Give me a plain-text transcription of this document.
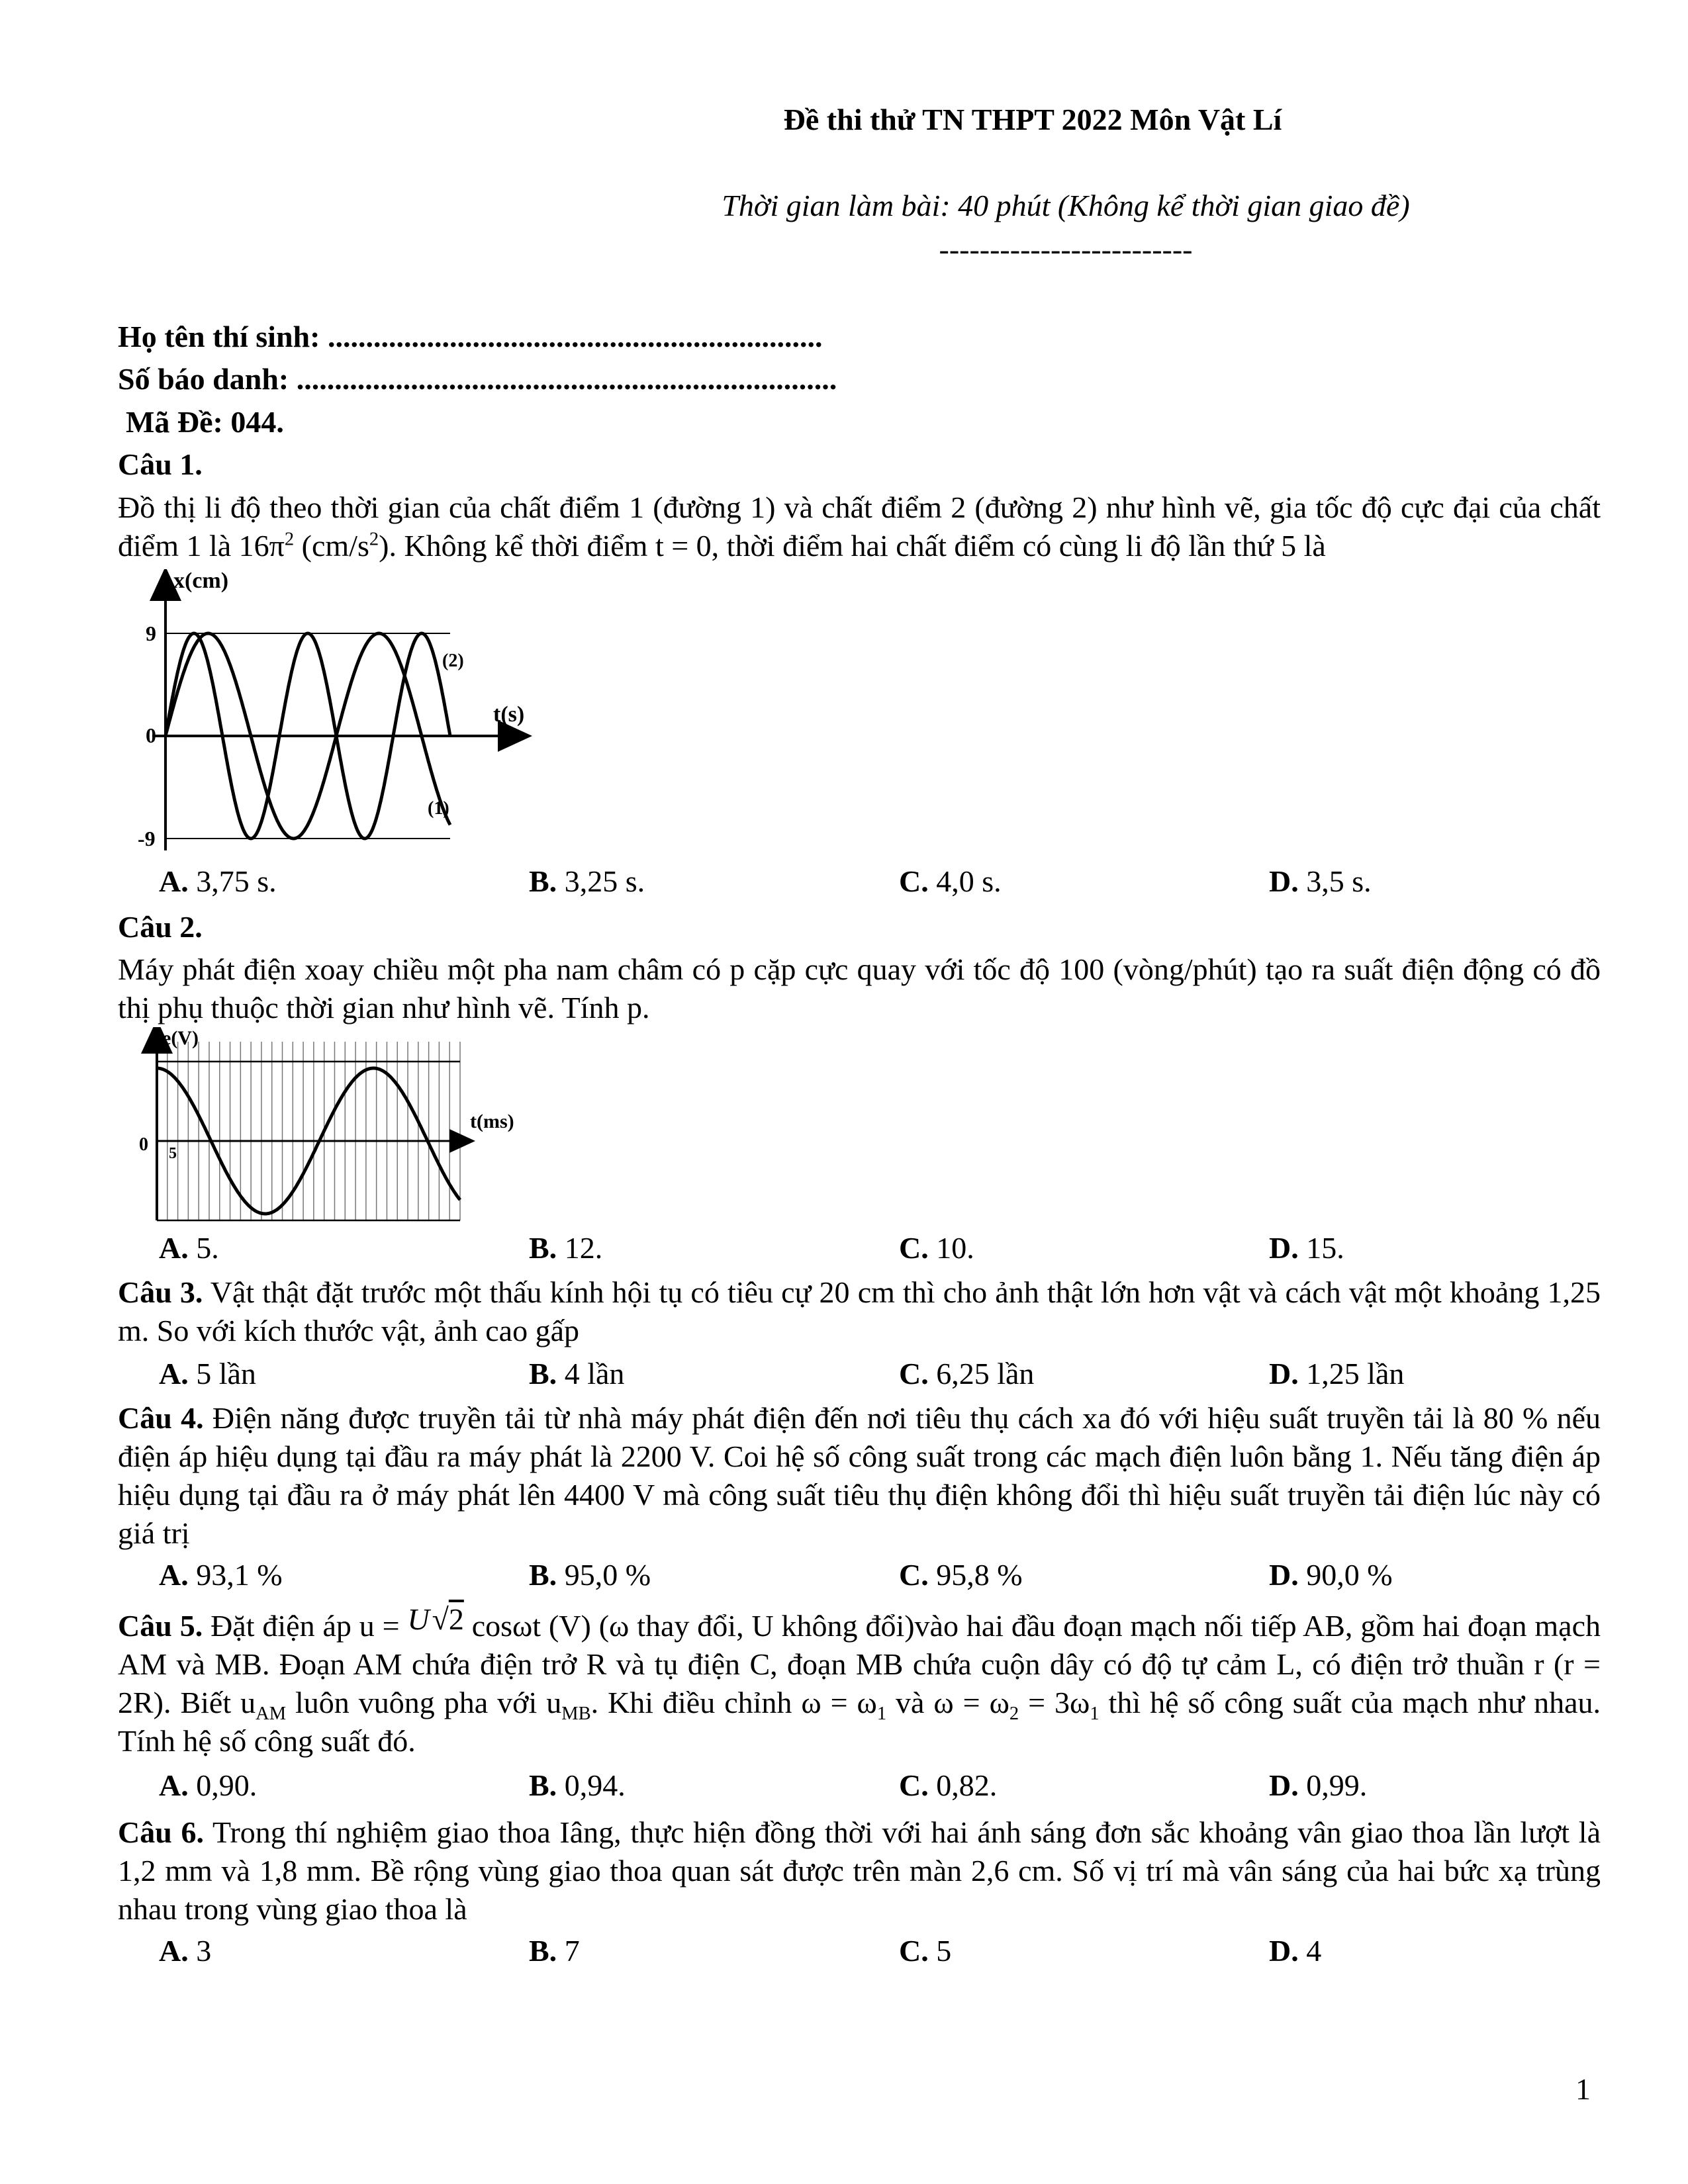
Đề thi thử TN THPT 2022 Môn Vật Lí
Thời gian làm bài: 40 phút (Không kể thời gian giao đề)
-------------------------
Họ tên thí sinh: .................................................................
Số báo danh: .......................................................................
Mã Đề: 044.
Câu 1.
Đồ thị li độ theo thời gian của chất điểm 1 (đường 1) và chất điểm 2 (đường 2) như hình vẽ, gia tốc độ cực đại của chất điểm 1 là $16\pi^2$ $(cm/s^2)$. Không kể thời điểm t = 0, thời điểm hai chất điểm có cùng li độ lần thứ 5 là
x(cm)
t(s)
9
0
-9
(2)
(1)
A. 3,75 s.	B. 3,25 s.	C. 4,0 s.	D. 3,5 s.
Câu 2.
Máy phát điện xoay chiều một pha nam châm có p cặp cực quay với tốc độ 100 (vòng/phút) tạo ra suất điện động có đồ thị phụ thuộc thời gian như hình vẽ. Tính p.
e(V)
t(ms)
0 5
A. 5.	B. 12.	C. 10.	D. 15.
Câu 3. Vật thật đặt trước một thấu kính hội tụ có tiêu cự 20 cm thì cho ảnh thật lớn hơn vật và cách vật một khoảng 1,25 m. So với kích thước vật, ảnh cao gấp
A. 5 lần	B. 4 lần	C. 6,25 lần	D. 1,25 lần
Câu 4. Điện năng được truyền tải từ nhà máy phát điện đến nơi tiêu thụ cách xa đó với hiệu suất truyền tải là 80 % nếu điện áp hiệu dụng tại đầu ra máy phát là 2200 V. Coi hệ số công suất trong các mạch điện luôn bằng 1. Nếu tăng điện áp hiệu dụng tại đầu ra ở máy phát lên 4400 V mà công suất tiêu thụ điện không đổi thì hiệu suất truyền tải điện lúc này có giá trị
A. 93,1 %	B. 95,0 %	C. 95,8 %	D. 90,0 %
Câu 5. Đặt điện áp u = U √2 cosωt (V) (ω thay đổi, U không đổi)vào hai đầu đoạn mạch nối tiếp AB, gồm hai đoạn mạch AM và MB. Đoạn AM chứa điện trở R và tụ điện C, đoạn MB chứa cuộn dây có độ tự cảm L, có điện trở thuần r (r = 2R). Biết $u_{AM}$ luôn vuông pha với $u_{MB}$. Khi điều chỉnh $\omega = \omega_1$ và $\omega = \omega_2 = 3\omega_1$ thì hệ số công suất của mạch như nhau. Tính hệ số công suất đó.
A. 0,90.	B. 0,94.	C. 0,82.	D. 0,99.
Câu 6. Trong thí nghiệm giao thoa Iâng, thực hiện đồng thời với hai ánh sáng đơn sắc khoảng vân giao thoa lần lượt là 1,2 mm và 1,8 mm. Bề rộng vùng giao thoa quan sát được trên màn 2,6 cm. Số vị trí mà vân sáng của hai bức xạ trùng nhau trong vùng giao thoa là
A. 3	B. 7	C. 5	D. 4
1
